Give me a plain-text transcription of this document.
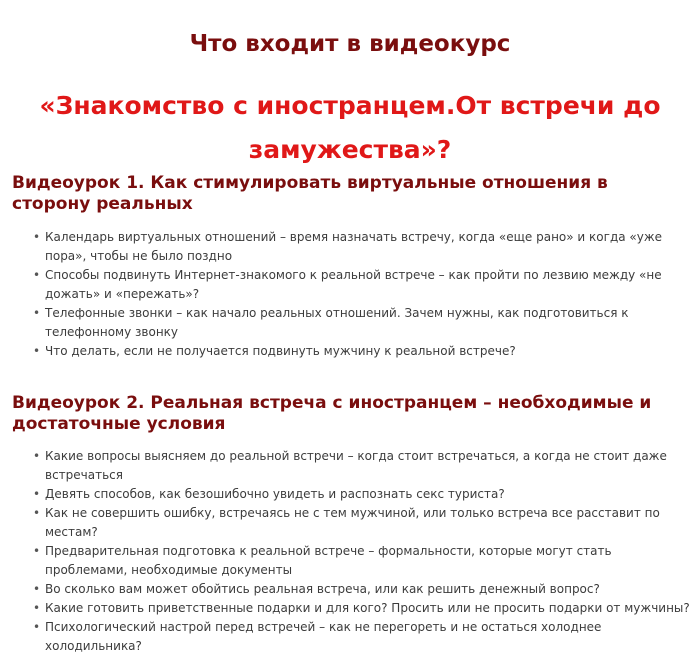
Что входит в видеокурс
«Знакомство с иностранцем.От встречи до замужества»?
Видеоурок 1. Как стимулировать виртуальные отношения в сторону реальных
• Календарь виртуальных отношений – время назначать встречу, когда «еще рано» и когда «уже пора», чтобы не было поздно
• Способы подвинуть Интернет-знакомого к реальной встрече – как пройти по лезвию между «не дожать» и «пережать»?
• Телефонные звонки – как начало реальных отношений. Зачем нужны, как подготовиться к телефонному звонку
• Что делать, если не получается подвинуть мужчину к реальной встрече?
Видеоурок 2. Реальная встреча с иностранцем – необходимые и достаточные условия
• Какие вопросы выясняем до реальной встречи – когда стоит встречаться, а когда не стоит даже встречаться
• Девять способов, как безошибочно увидеть и распознать секс туриста?
• Как не совершить ошибку, встречаясь не с тем мужчиной, или только встреча все расставит по местам?
• Предварительная подготовка к реальной встрече – формальности, которые могут стать проблемами, необходимые документы
• Во сколько вам может обойтись реальная встреча, или как решить денежный вопрос?
• Какие готовить приветственные подарки и для кого? Просить или не просить подарки от мужчины?
• Психологический настрой перед встречей – как не перегореть и не остаться холоднее холодильника?
